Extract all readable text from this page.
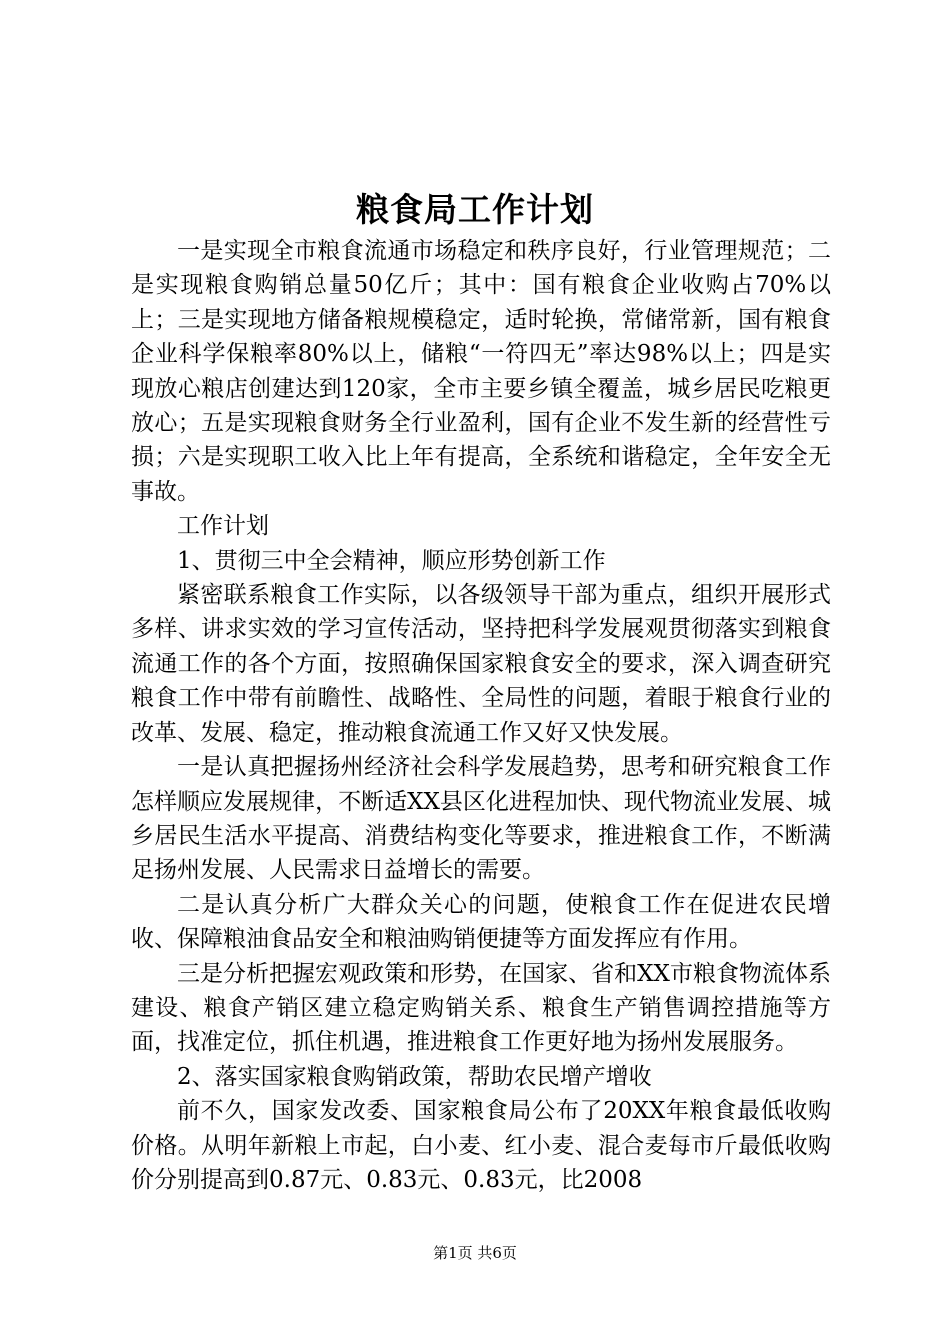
粮食局工作计划

一是实现全市粮食流通市场稳定和秩序良好，行业管理规范；二是实现粮食购销总量50亿斤；其中：国有粮食企业收购占70%以上；三是实现地方储备粮规模稳定，适时轮换，常储常新，国有粮食企业科学保粮率80%以上，储粮“一符四无”率达98%以上；四是实现放心粮店创建达到120家，全市主要乡镇全覆盖，城乡居民吃粮更放心；五是实现粮食财务全行业盈利，国有企业不发生新的经营性亏损；六是实现职工收入比上年有提高，全系统和谐稳定，全年安全无事故。

工作计划

1、贯彻三中全会精神，顺应形势创新工作

紧密联系粮食工作实际，以各级领导干部为重点，组织开展形式多样、讲求实效的学习宣传活动，坚持把科学发展观贯彻落实到粮食流通工作的各个方面，按照确保国家粮食安全的要求，深入调查研究粮食工作中带有前瞻性、战略性、全局性的问题，着眼于粮食行业的改革、发展、稳定，推动粮食流通工作又好又快发展。

一是认真把握扬州经济社会科学发展趋势，思考和研究粮食工作怎样顺应发展规律，不断适XX县区化进程加快、现代物流业发展、城乡居民生活水平提高、消费结构变化等要求，推进粮食工作，不断满足扬州发展、人民需求日益增长的需要。

二是认真分析广大群众关心的问题，使粮食工作在促进农民增收、保障粮油食品安全和粮油购销便捷等方面发挥应有作用。

三是分析把握宏观政策和形势，在国家、省和XX市粮食物流体系建设、粮食产销区建立稳定购销关系、粮食生产销售调控措施等方面，找准定位，抓住机遇，推进粮食工作更好地为扬州发展服务。

2、落实国家粮食购销政策，帮助农民增产增收

前不久，国家发改委、国家粮食局公布了20XX年粮食最低收购价格。从明年新粮上市起，白小麦、红小麦、混合麦每市斤最低收购价分别提高到0.87元、0.83元、0.83元，比2008

第1页 共6页
